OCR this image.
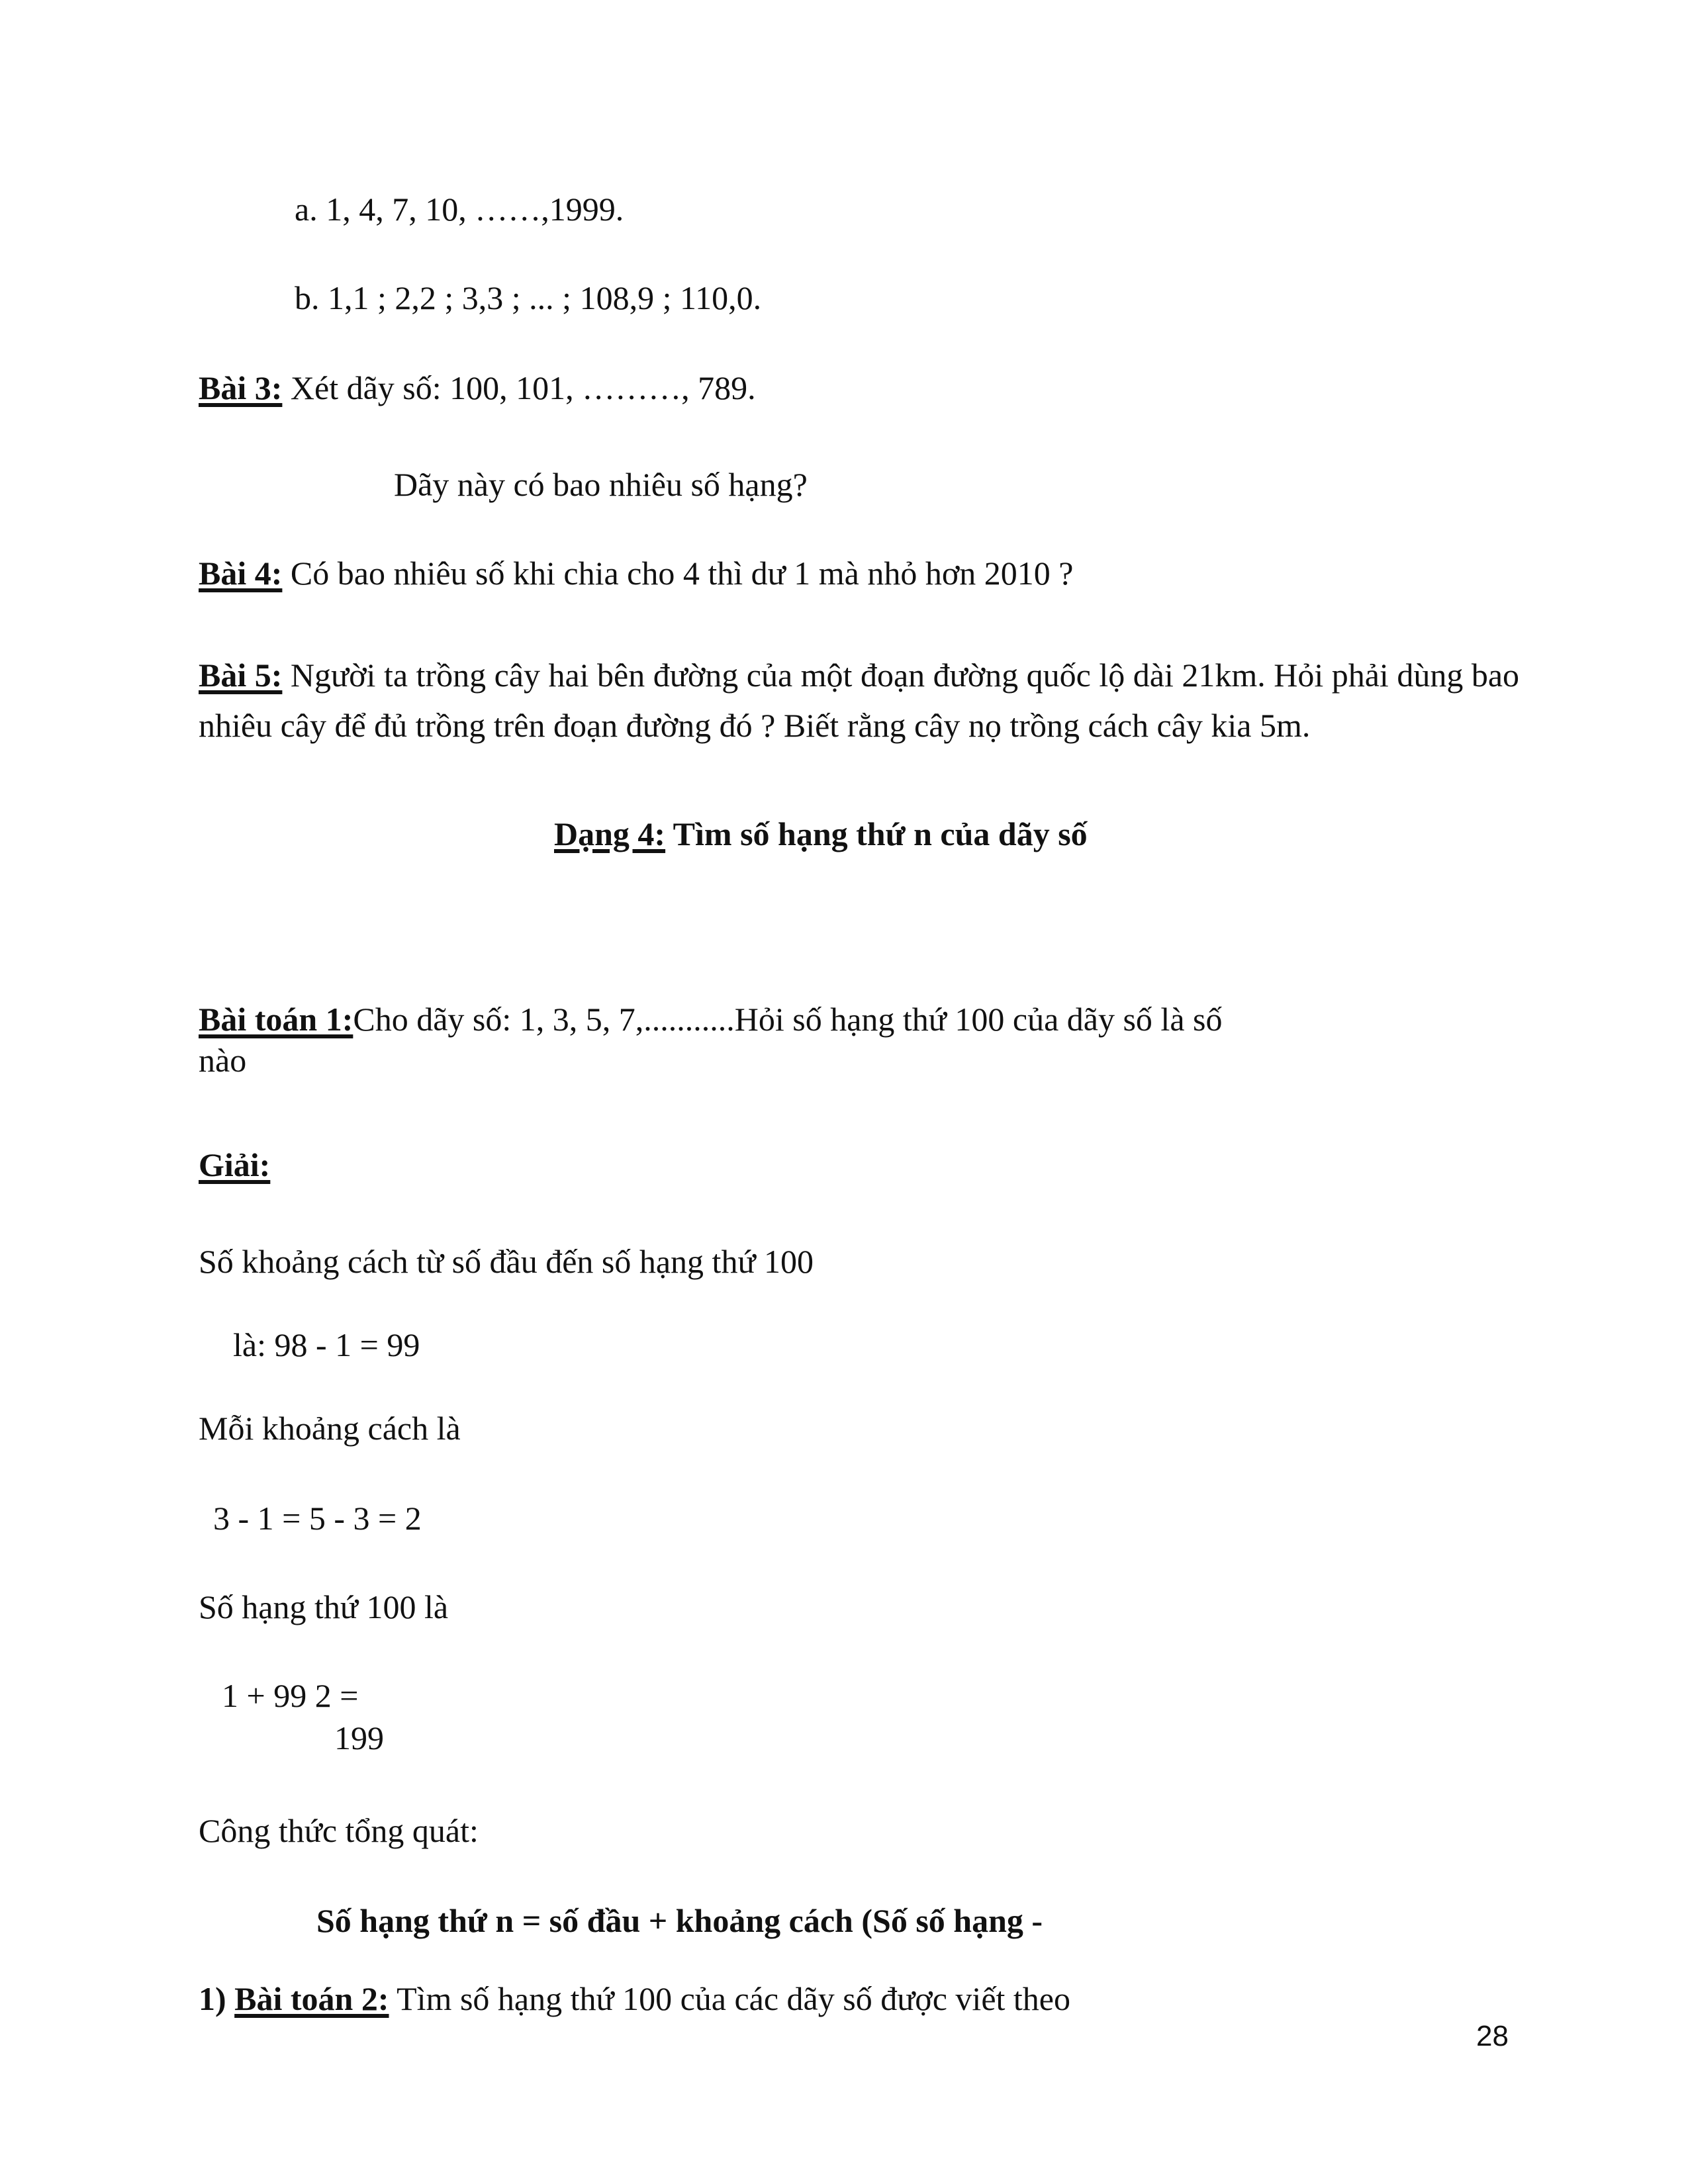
a. 1, 4, 7, 10, ……,1999.
b. 1,1 ; 2,2 ; 3,3 ; ... ; 108,9 ; 110,0.
Bài 3: Xét dãy số: 100, 101, ………, 789.
Dãy này có bao nhiêu số hạng?
Bài 4: Có bao nhiêu số khi chia cho 4 thì dư 1 mà nhỏ hơn 2010 ?
Bài 5: Người ta trồng cây hai bên đường của một đoạn đường quốc lộ dài 21km. Hỏi phải dùng bao nhiêu cây để đủ trồng trên đoạn đường đó ? Biết rằng cây nọ trồng cách cây kia 5m.
Dạng 4: Tìm số hạng thứ n của dãy số
Bài toán 1:Cho dãy số: 1, 3, 5, 7,...........Hỏi số hạng thứ 100 của dãy số là số
nào
Giải:
Số khoảng cách từ số đầu đến số hạng thứ 100
là: 98 - 1 = 99
Mỗi khoảng cách là
3 - 1 = 5 - 3 = 2
Số hạng thứ 100 là
1 + 99 2 =
199
Công thức tổng quát:
Số hạng thứ n = số đầu + khoảng cách (Số số hạng -
1) Bài toán 2: Tìm số hạng thứ 100 của các dãy số được viết theo
28
